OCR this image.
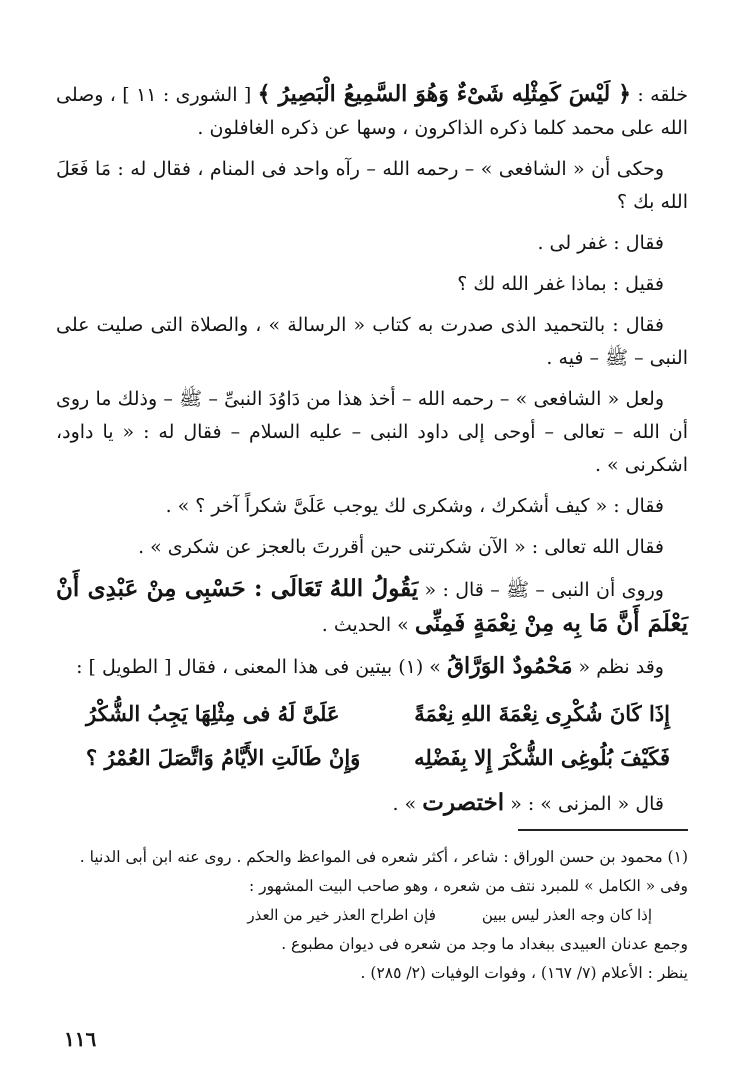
خلقه : ﴿ لَيْسَ كَمِثْلِه شَىْءٌ وَهُوَ السَّمِيعُ الْبَصِيرُ ﴾ [ الشورى : ١١ ] ، وصلى الله على محمد كلما ذكره الذاكرون ، وسها عن ذكره الغافلون .

وحكى أن « الشافعى » – رحمه الله – رآه واحد فى المنام ، فقال له : مَا فَعَلَ الله بك ؟

فقال : غفر لى .

فقيل : بماذا غفر الله لك ؟

فقال : بالتحميد الذى صدرت به كتاب « الرسالة » ، والصلاة التى صليت على النبى – ﷺ – فيه .

ولعل « الشافعى » – رحمه الله – أخذ هذا من دَاوُدَ النبىِّ – ﷺ – وذلك ما روى أن الله – تعالى – أوحى إلى داود النبى – عليه السلام – فقال له : « يا داود، اشكرنى » .

فقال : « كيف أشكرك ، وشكرى لك يوجب عَلَىَّ شكراً آخر ؟ » .

فقال الله تعالى : « الآن شكرتنى حين أقررتَ بالعجز عن شكرى » .

وروى أن النبى – ﷺ – قال : « يَقُولُ اللهُ تَعَالَى : حَسْبِى مِنْ عَبْدِى أَنْ يَعْلَمَ أَنَّ مَا بِه مِنْ نِعْمَةٍ فَمِنِّى » الحديث .

وقد نظم « مَحْمُودٌ الوَرَّاقُ » (١) بيتين فى هذا المعنى ، فقال [ الطويل ] :

إِذَا كَانَ شُكْرِى نِعْمَةَ اللهِ نِعْمَةً
عَلَىَّ لَهُ فى مِثْلِهَا يَجِبُ الشُّكْرُ
فَكَيْفَ بُلُوغِى الشُّكْرَ إِلا بِفَضْلِه
وَإِنْ طَالَتِ الأَيَّامُ وَاتَّصَلَ العُمْرُ ؟

قال « المزنى » : « اختصرت » .

(١) محمود بن حسن الوراق : شاعر ، أكثر شعره فى المواعظ والحكم . روى عنه ابن أبى الدنيا . وفى « الكامل » للمبرد نتف من شعره ، وهو صاحب البيت المشهور :

إذا كان وجه العذر ليس ببين
فإن اطراح العذر خير من العذر

وجمع عدنان العبيدى ببغداد ما وجد من شعره فى ديوان مطبوع .

ينظر : الأعلام (٧/ ١٦٧) ، وفوات الوفيات (٢/ ٢٨٥) .

١١٦
